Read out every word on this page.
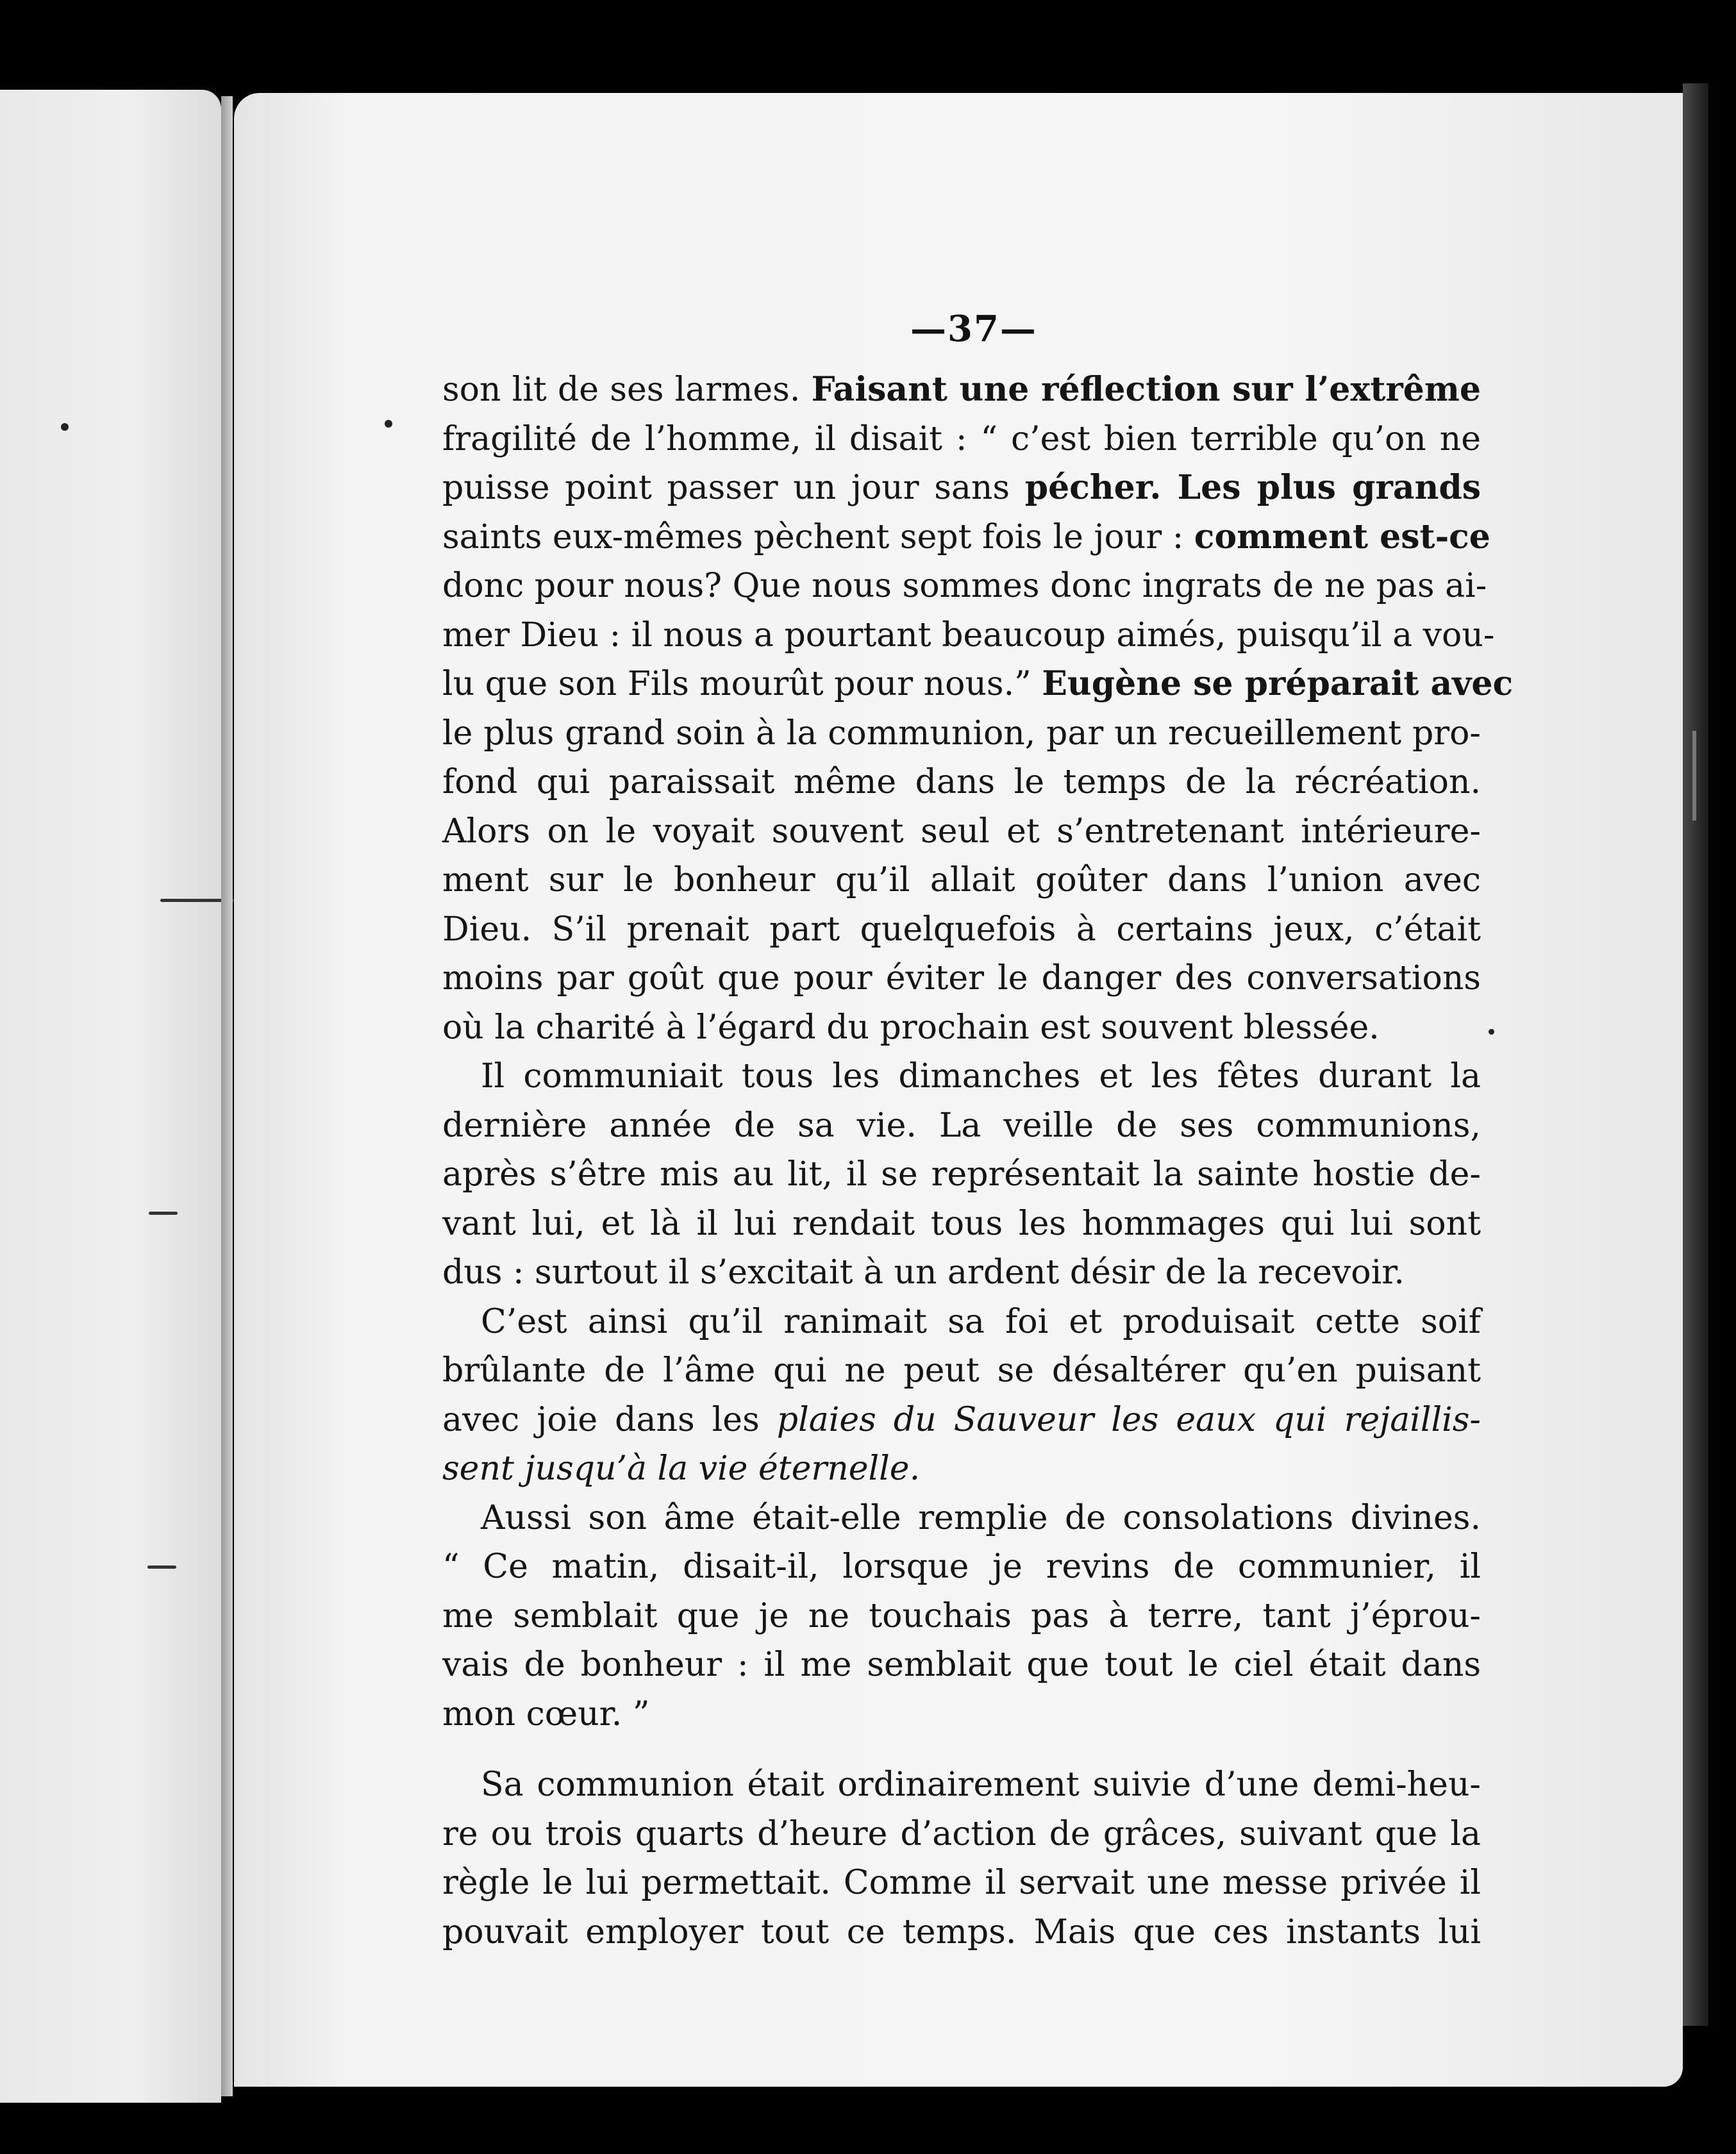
—37—
son lit de ses larmes. Faisant une réflection sur l’extrême
fragilité de l’homme, il disait : “ c’est bien terrible qu’on ne
puisse point passer un jour sans pécher. Les plus grands
saints eux-mêmes pèchent sept fois le jour : comment est-ce
donc pour nous? Que nous sommes donc ingrats de ne pas ai-
mer Dieu : il nous a pourtant beaucoup aimés, puisqu’il a vou-
lu que son Fils mourût pour nous.” Eugène se préparait avec
le plus grand soin à la communion, par un recueillement pro-
fond qui paraissait même dans le temps de la récréation.
Alors on le voyait souvent seul et s’entretenant intérieure-
ment sur le bonheur qu’il allait goûter dans l’union avec
Dieu. S’il prenait part quelquefois à certains jeux, c’était
moins par goût que pour éviter le danger des conversations
où la charité à l’égard du prochain est souvent blessée.
Il communiait tous les dimanches et les fêtes durant la
dernière année de sa vie. La veille de ses communions,
après s’être mis au lit, il se représentait la sainte hostie de-
vant lui, et là il lui rendait tous les hommages qui lui sont
dus : surtout il s’excitait à un ardent désir de la recevoir.
C’est ainsi qu’il ranimait sa foi et produisait cette soif
brûlante de l’âme qui ne peut se désaltérer qu’en puisant
avec joie dans les plaies du Sauveur les eaux qui rejaillis-
sent jusqu’à la vie éternelle.
Aussi son âme était-elle remplie de consolations divines.
“ Ce matin, disait-il, lorsque je revins de communier, il
me semblait que je ne touchais pas à terre, tant j’éprou-
vais de bonheur : il me semblait que tout le ciel était dans
mon cœur. ”
Sa communion était ordinairement suivie d’une demi-heu-
re ou trois quarts d’heure d’action de grâces, suivant que la
règle le lui permettait. Comme il servait une messe privée il
pouvait employer tout ce temps. Mais que ces instants lui
